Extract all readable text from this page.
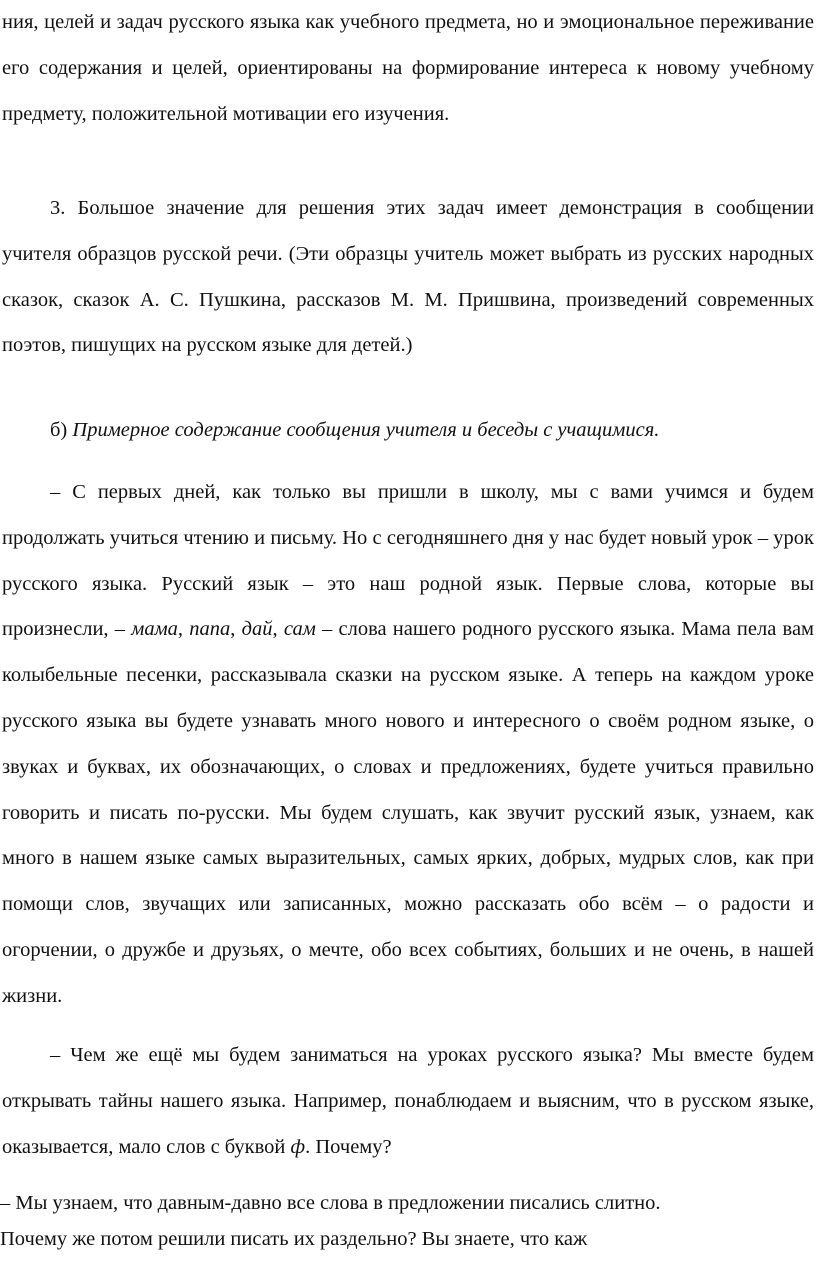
ния, целей и задач русского языка как учебного предмета, но и эмоциональное переживание его содержания и целей, ориентированы на формирование интереса к новому учебному предмету, положительной мотивации его изучения.

3. Большое значение для решения этих задач имеет демонстрация в сообщении учителя образцов русской речи. (Эти образцы учитель может выбрать из русских народных сказок, сказок А. С. Пушкина, рассказов М. М. Пришвина, произведений современных поэтов, пишущих на русском языке для детей.)

б) Примерное содержание сообщения учителя и беседы с учащимися.

– С первых дней, как только вы пришли в школу, мы с вами учимся и будем продолжать учиться чтению и письму. Но с сегодняшнего дня у нас будет новый урок – урок русского языка. Русский язык – это наш родной язык. Первые слова, которые вы произнесли, – мама, папа, дай, сам – слова нашего родного русского языка. Мама пела вам колыбельные песенки, рассказывала сказки на русском языке. А теперь на каждом уроке русского языка вы будете узнавать много нового и интересного о своём родном языке, о звуках и буквах, их обозначающих, о словах и предложениях, будете учиться правильно говорить и писать по-русски. Мы будем слушать, как звучит русский язык, узнаем, как много в нашем языке самых выразительных, самых ярких, добрых, мудрых слов, как при помощи слов, звучащих или записанных, можно рассказать обо всём – о радости и огорчении, о дружбе и друзьях, о мечте, обо всех событиях, больших и не очень, в нашей жизни.

– Чем же ещё мы будем заниматься на уроках русского языка? Мы вместе будем открывать тайны нашего языка. Например, понаблюдаем и выясним, что в русском языке, оказывается, мало слов с буквой ф. Почему?

– Мы узнаем, что давным-давно все слова в предложении писались слитно.
Почему же потом решили писать их раздельно? Вы знаете, что каж
